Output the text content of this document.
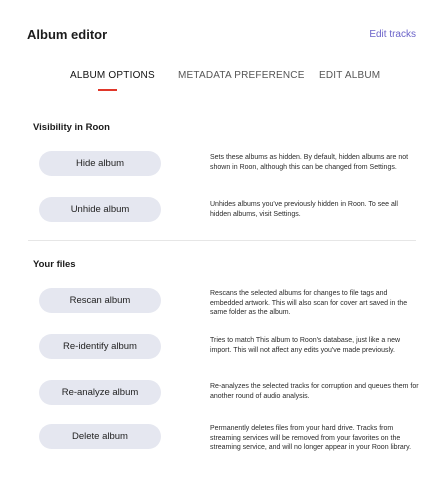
Album editor	Edit tracks
ALBUM OPTIONS METADATA PREFERENCE EDIT ALBUM
Visibility in Roon
Hide album
Sets these albums as hidden. By default, hidden albums are not shown in Roon, although this can be changed from Settings.
Unhide album	Unhides albums you've previously hidden in Roon. To see all hidden albums, visit Settings.
Your files
Rescan album
Rescans the selected albums for changes to file tags and embedded artwork. This will also scan for cover art saved in the same folder as the album.
Re-identify album
Tries to match This album to Roon's database, just like a new import. This will not affect any edits you've made previously.
Re-analyze album
Re-analyzes the selected tracks for corruption and queues them for another round of audio analysis.
Delete album
Permanently deletes files from your hard drive. Tracks from streaming services will be removed from your favorites on the streaming service, and will no longer appear in your Roon library.
